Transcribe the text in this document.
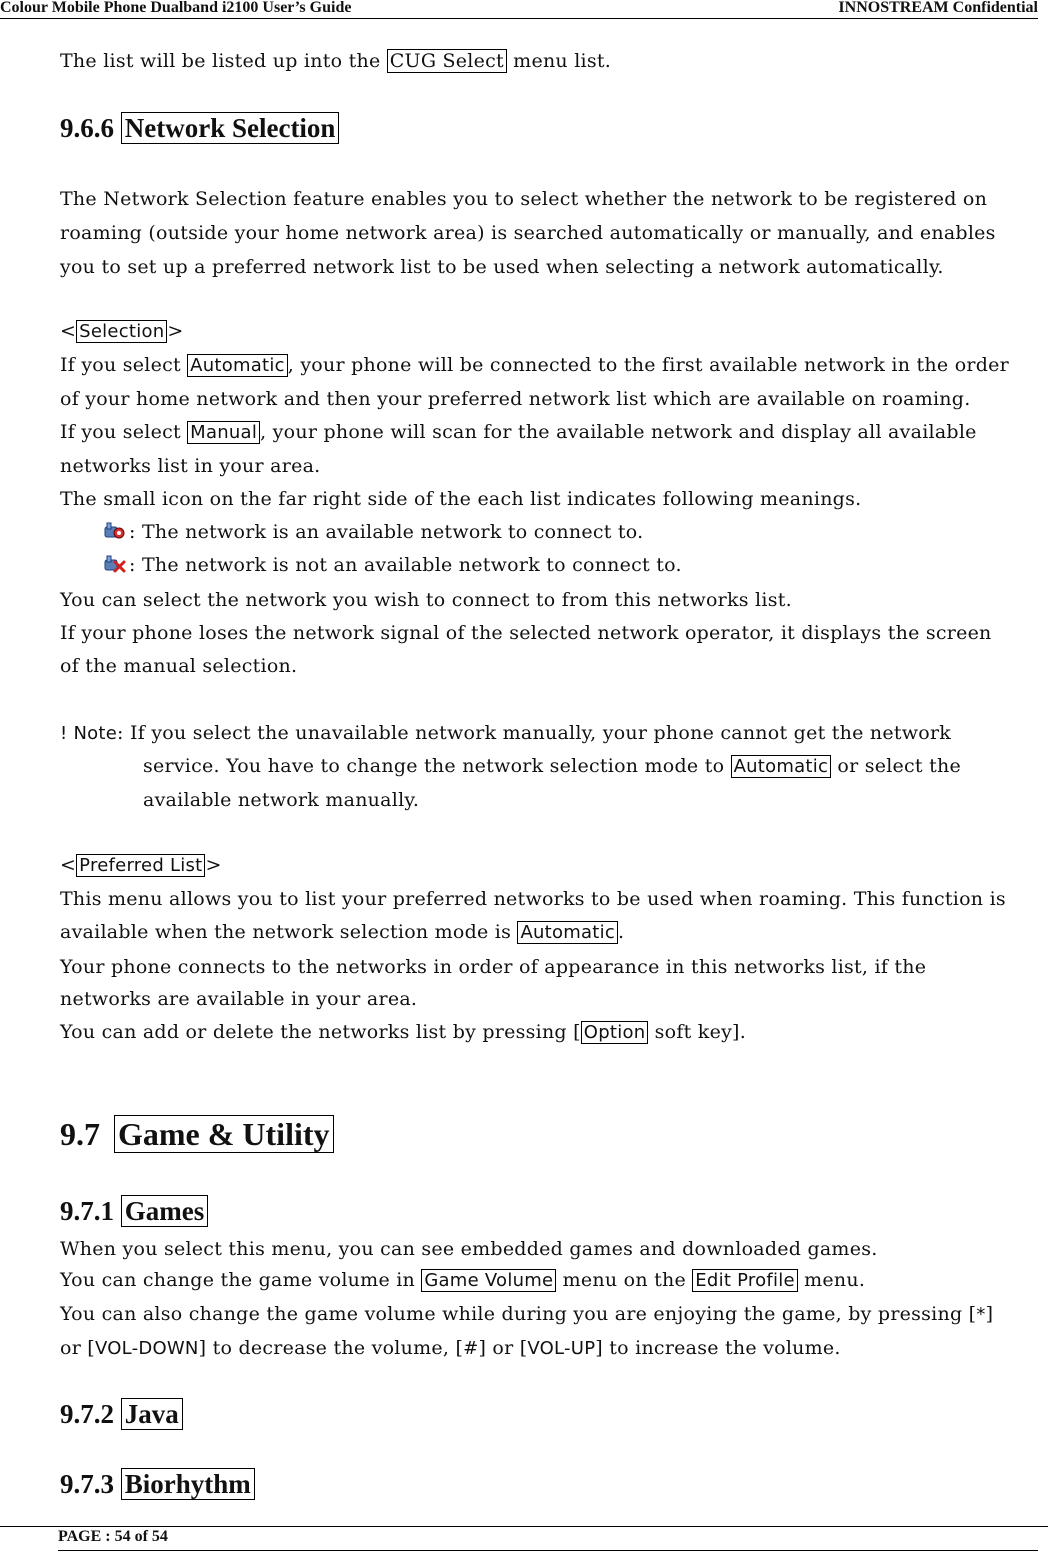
Colour Mobile Phone Dualband i2100 User’s Guide	INNOSTREAM Confidential
The list will be listed up into the CUG Select menu list.
9.6.6 Network Selection
The Network Selection feature enables you to select whether the network to be registered on
roaming (outside your home network area) is searched automatically or manually, and enables
you to set up a preferred network list to be used when selecting a network automatically.
< Selection >
If you select Automatic , your phone will be connected to the first available network in the order
of your home network and then your preferred network list which are available on roaming.
If you select Manual , your phone will scan for the available network and display all available
networks list in your area.
The small icon on the far right side of the each list indicates following meanings.
: The network is an available network to connect to.
: The network is not an available network to connect to.
You can select the network you wish to connect to from this networks list.
If your phone loses the network signal of the selected network operator, it displays the screen
of the manual selection.
! Note: If you select the unavailable network manually, your phone cannot get the network
service. You have to change the network selection mode to Automatic or select the
available network manually.
< Preferred List >
This menu allows you to list your preferred networks to be used when roaming. This function is
available when the network selection mode is Automatic .
Your phone connects to the networks in order of appearance in this networks list, if the
networks are available in your area.
You can add or delete the networks list by pressing [ Option soft key].
9.7 Game & Utility
9.7.1 Games
When you select this menu, you can see embedded games and downloaded games.
You can change the game volume in Game Volume menu on the Edit Profile menu.
You can also change the game volume while during you are enjoying the game, by pressing [*]
or [VOL-DOWN] to decrease the volume, [#] or [VOL-UP] to increase the volume.
9.7.2 Java
9.7.3 Biorhythm
PAGE : 54 of 54
